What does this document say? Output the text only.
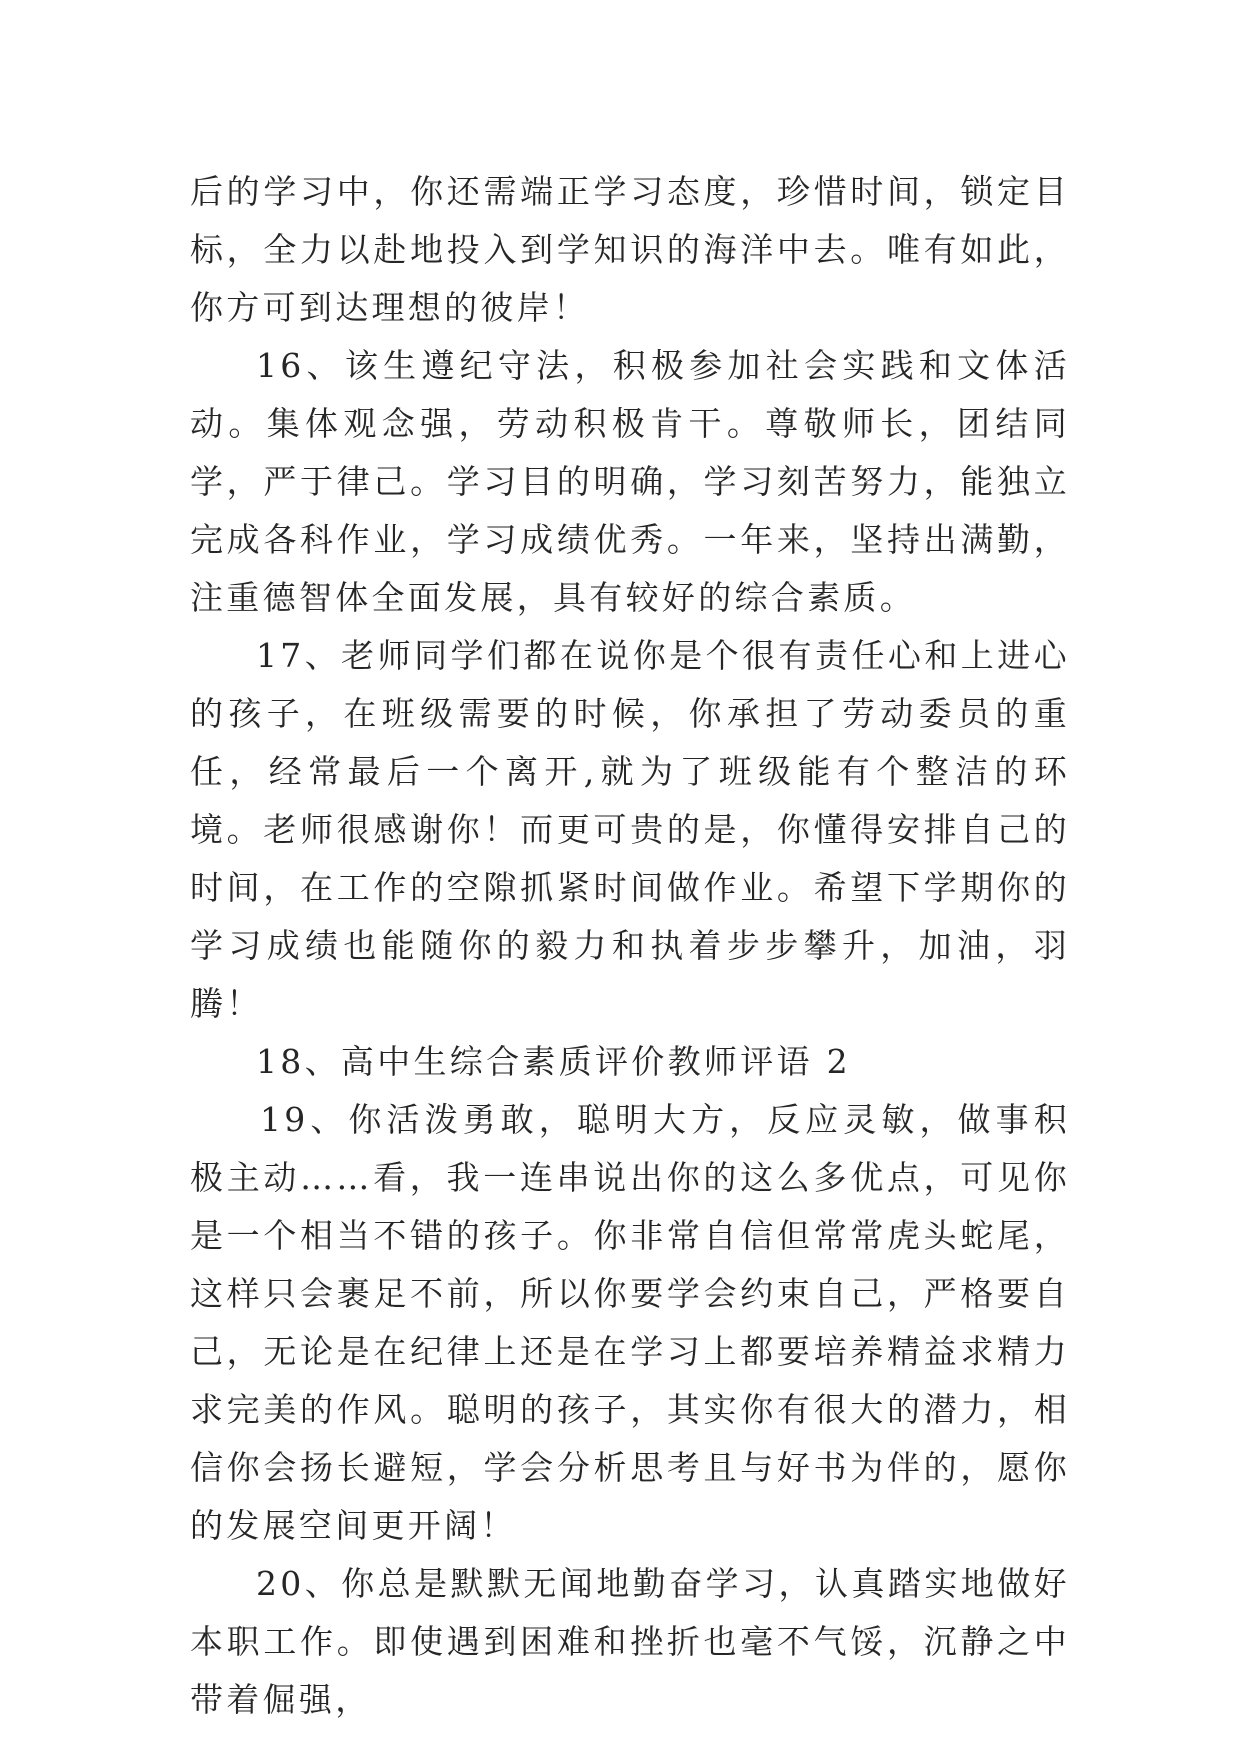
后的学习中，你还需端正学习态度，珍惜时间，锁定目标，全力以赴地投入到学知识的海洋中去。唯有如此，你方可到达理想的彼岸！

16、该生遵纪守法，积极参加社会实践和文体活动。集体观念强，劳动积极肯干。尊敬师长，团结同学，严于律己。学习目的明确，学习刻苦努力，能独立完成各科作业，学习成绩优秀。一年来，坚持出满勤，注重德智体全面发展，具有较好的综合素质。

17、老师同学们都在说你是个很有责任心和上进心的孩子，在班级需要的时候，你承担了劳动委员的重任，经常最后一个离开,就为了班级能有个整洁的环境。老师很感谢你！而更可贵的是，你懂得安排自己的时间，在工作的空隙抓紧时间做作业。希望下学期你的学习成绩也能随你的毅力和执着步步攀升，加油，羽腾！

18、高中生综合素质评价教师评语 2

19、你活泼勇敢，聪明大方，反应灵敏，做事积极主动……看，我一连串说出你的这么多优点，可见你是一个相当不错的孩子。你非常自信但常常虎头蛇尾，这样只会裹足不前，所以你要学会约束自己，严格要自己，无论是在纪律上还是在学习上都要培养精益求精力求完美的作风。聪明的孩子，其实你有很大的潜力，相信你会扬长避短，学会分析思考且与好书为伴的，愿你的发展空间更开阔！

20、你总是默默无闻地勤奋学习，认真踏实地做好本职工作。即使遇到困难和挫折也毫不气馁，沉静之中带着倔强，
